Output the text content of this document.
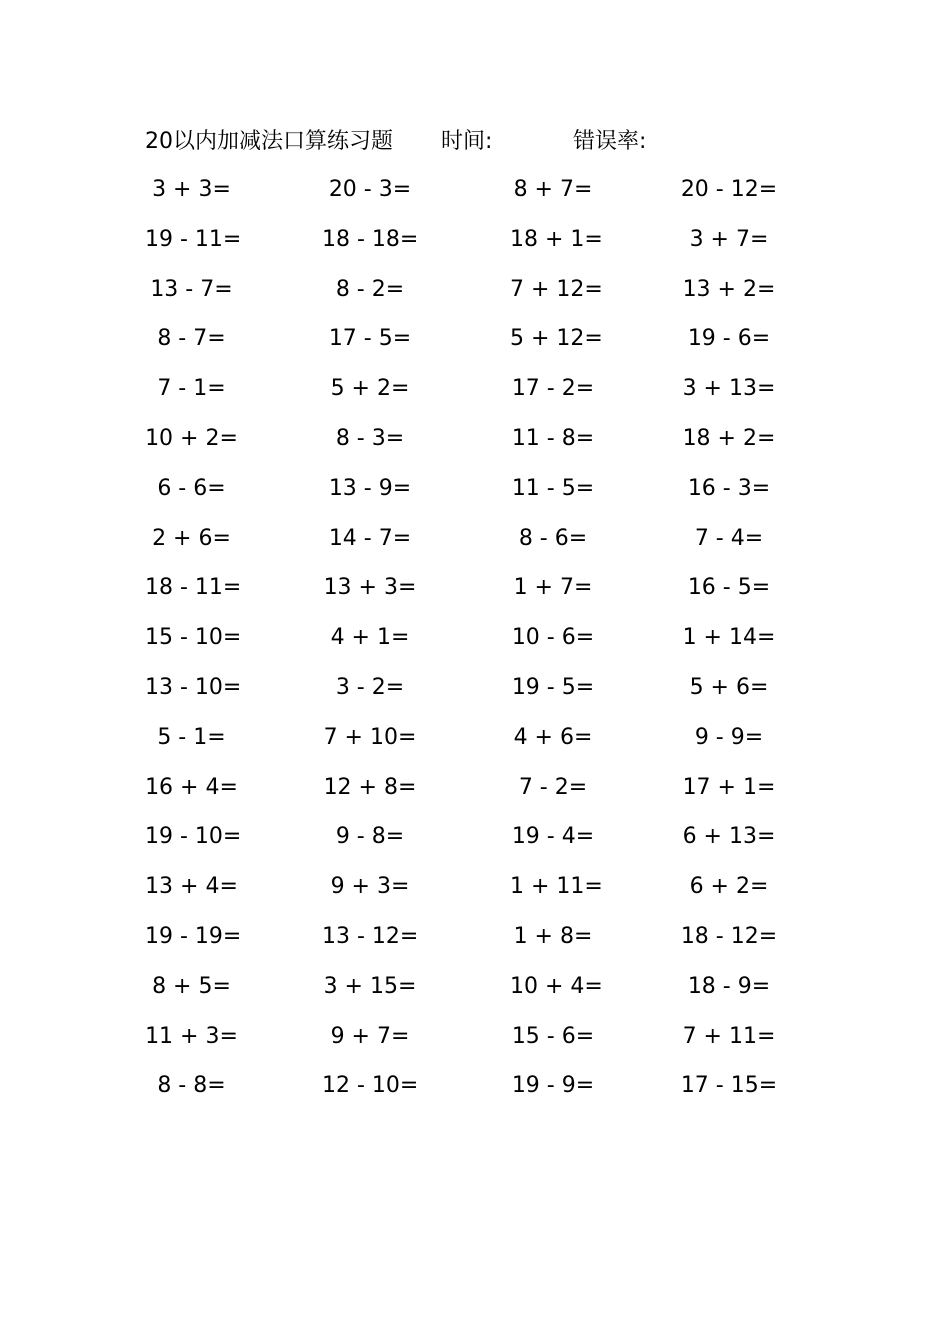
20以内加减法口算练习题 时间:	错误率:
3 + 3=	20 - 3=	8 + 7=	20 - 12=
19 - 11=	18 - 18=	18 + 1=	3 + 7=
13 - 7=	8 - 2=	7 + 12=	13 + 2=
8 - 7=	17 - 5=	5 + 12=	19 - 6=
7 - 1=	5 + 2=	17 - 2=	3 + 13=
10 + 2=	8 - 3=	11 - 8=	18 + 2=
6 - 6=	13 - 9=	11 - 5=	16 - 3=
2 + 6=	14 - 7=	8 - 6=	7 - 4=
18 - 11=	13 + 3=	1 + 7=	16 - 5=
15 - 10=	4 + 1=	10 - 6=	1 + 14=
13 - 10=	3 - 2=	19 - 5=	5 + 6=
5 - 1=	7 + 10=	4 + 6=	9 - 9=
16 + 4=	12 + 8=	7 - 2=	17 + 1=
19 - 10=	9 - 8=	19 - 4=	6 + 13=
13 + 4=	9 + 3=	1 + 11=	6 + 2=
19 - 19=	13 - 12=	1 + 8=	18 - 12=
8 + 5=	3 + 15=	10 + 4=	18 - 9=
11 + 3=	9 + 7=	15 - 6=	7 + 11=
8 - 8=	12 - 10=	19 - 9=	17 - 15=
